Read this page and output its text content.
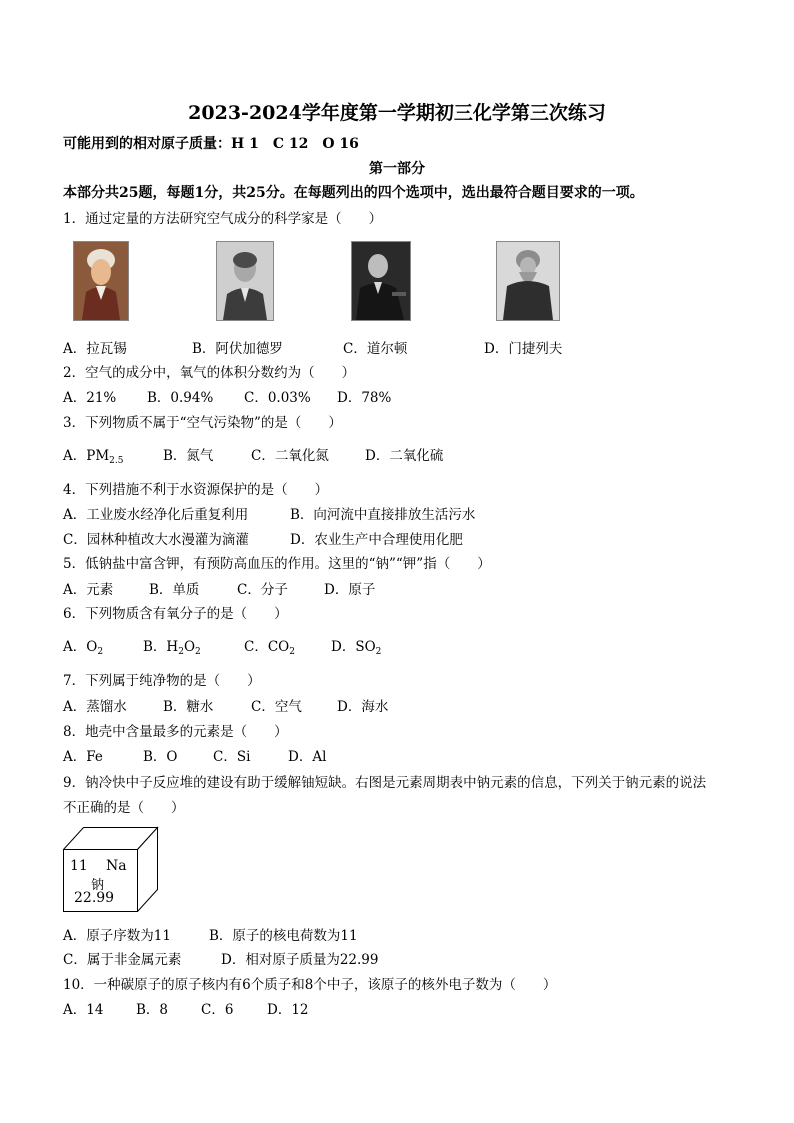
2023-2024学年度第一学期初三化学第三次练习
可能用到的相对原子质量：H 1　C 12　O 16
第一部分
本部分共25题，每题1分，共25分。在每题列出的四个选项中，选出最符合题目要求的一项。
1．通过定量的方法研究空气成分的科学家是（　　）
A．拉瓦锡	B．阿伏加德罗	C．道尔顿	D．门捷列夫
2．空气的成分中，氧气的体积分数约为（　　）
A．21% B．0.94% C．0.03% D．78%
3．下列物质不属于“空气污染物”的是（　　）
A．$PM_{2.5}$	B．氮气	C．二氧化氮	D．二氧化硫
4．下列措施不利于水资源保护的是（　　）
A．工业废水经净化后重复利用	B．向河流中直接排放生活污水
C．园林种植改大水漫灌为滴灌	D．农业生产中合理使用化肥
5．低钠盐中富含钾，有预防高血压的作用。这里的“钠”“钾”指（　　）
A．元素	B．单质	C．分子	D．原子
6．下列物质含有氧分子的是（　　）
A．$O_2$	B．$H_2O_2$	C．$CO_2$	D．$SO_2$
7．下列属于纯净物的是（　　）
A．蒸馏水	B．糖水	C．空气	D．海水
8．地壳中含量最多的元素是（　　）
A．Fe	B．O	C．Si	D．Al
9．钠冷快中子反应堆的建设有助于缓解铀短缺。右图是元素周期表中钠元素的信息，下列关于钠元素的说法
不正确的是（　　）
11 Na
钠
22.99
A．原子序数为11	B．原子的核电荷数为11
C．属于非金属元素	D．相对原子质量为22.99
10．一种碳原子的原子核内有6个质子和8个中子，该原子的核外电子数为（　　）
A．14 B．8 C．6 D．12
